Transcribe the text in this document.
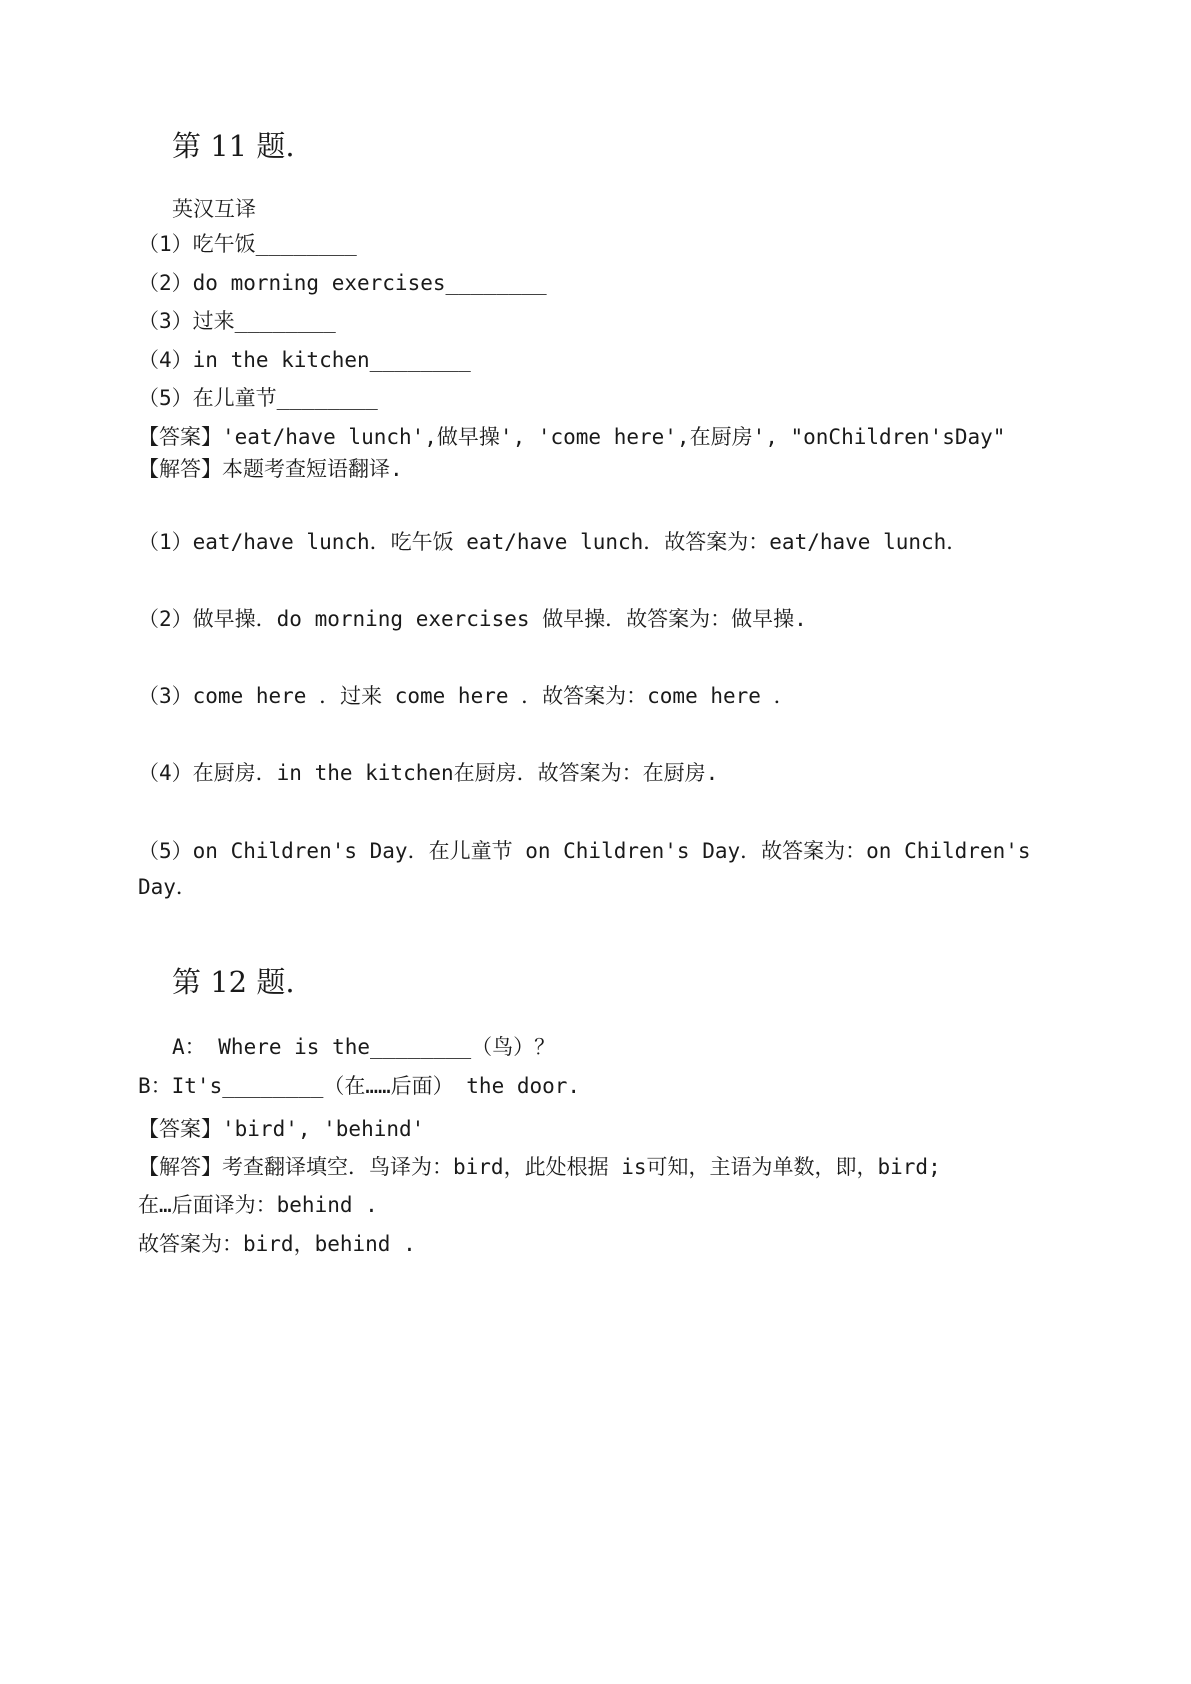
第 11 题.
英汉互译
（1）吃午饭________
（2）do morning exercises________
（3）过来________
（4）in the kitchen________
（5）在儿童节________
【答案】'eat/have lunch',做早操', 'come here',在厨房', "onChildren'sDay"
【解答】本题考查短语翻译.
（1）eat/have lunch．吃午饭 eat/have lunch．故答案为：eat/have lunch．
（2）做早操．do morning exercises 做早操．故答案为：做早操.
（3）come here ．过来 come here ．故答案为：come here ．
（4）在厨房．in the kitchen在厨房．故答案为：在厨房.
（5）on Children's Day．在儿童节 on Children's Day．故答案为：on Children's Day．
第 12 题.
A： Where is the________（鸟）？
B：It's________（在……后面） the door.
【答案】'bird', 'behind'
【解答】考查翻译填空．鸟译为：bird，此处根据 is可知，主语为单数，即，bird;
在…后面译为：behind .
故答案为：bird，behind .
